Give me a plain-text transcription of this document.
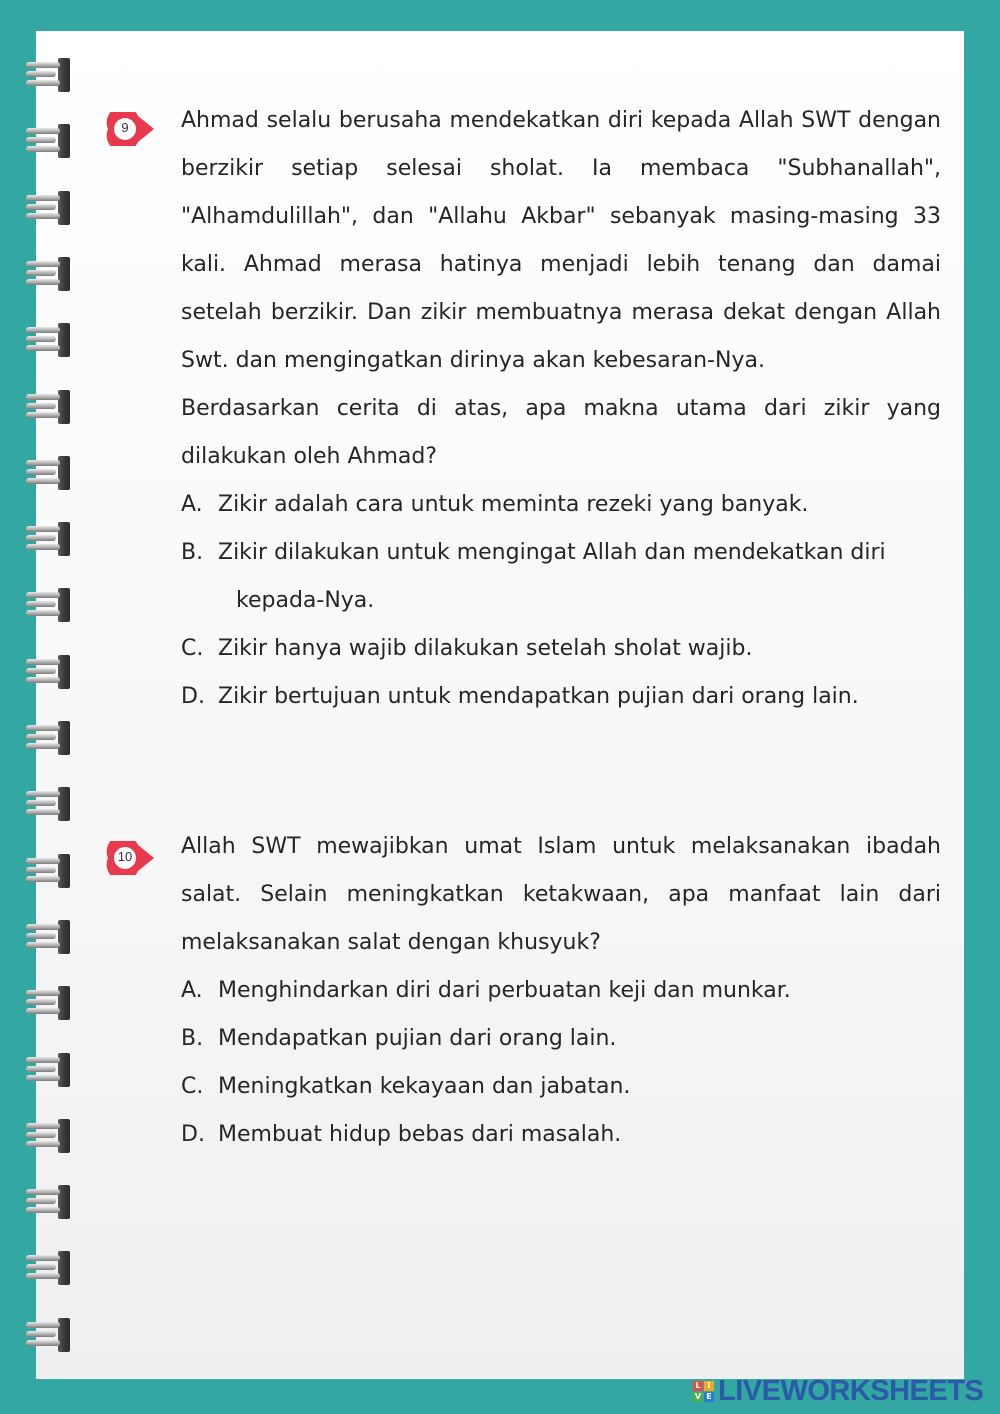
9	Ahmad selalu berusaha mendekatkan diri kepada Allah SWT dengan berzikir setiap selesai sholat. Ia membaca "Subhanallah", "Alhamdulillah", dan "Allahu Akbar" sebanyak masing-masing 33 kali. Ahmad merasa hatinya menjadi lebih tenang dan damai setelah berzikir. Dan zikir membuatnya merasa dekat dengan Allah Swt. dan mengingatkan dirinya akan kebesaran-Nya.

Berdasarkan cerita di atas, apa makna utama dari zikir yang dilakukan oleh Ahmad?

A. Zikir adalah cara untuk meminta rezeki yang banyak.
B. Zikir dilakukan untuk mengingat Allah dan mendekatkan diri
kepada-Nya.
C. Zikir hanya wajib dilakukan setelah sholat wajib.
D. Zikir bertujuan untuk mendapatkan pujian dari orang lain.
10	Allah SWT mewajibkan umat Islam untuk melaksanakan ibadah salat. Selain meningkatkan ketakwaan, apa manfaat lain dari melaksanakan salat dengan khusyuk?

A. Menghindarkan diri dari perbuatan keji dan munkar.
B. Mendapatkan pujian dari orang lain.
C. Meningkatkan kekayaan dan jabatan.
D. Membuat hidup bebas dari masalah.
L I
V E LIVEWORKSHEETS
